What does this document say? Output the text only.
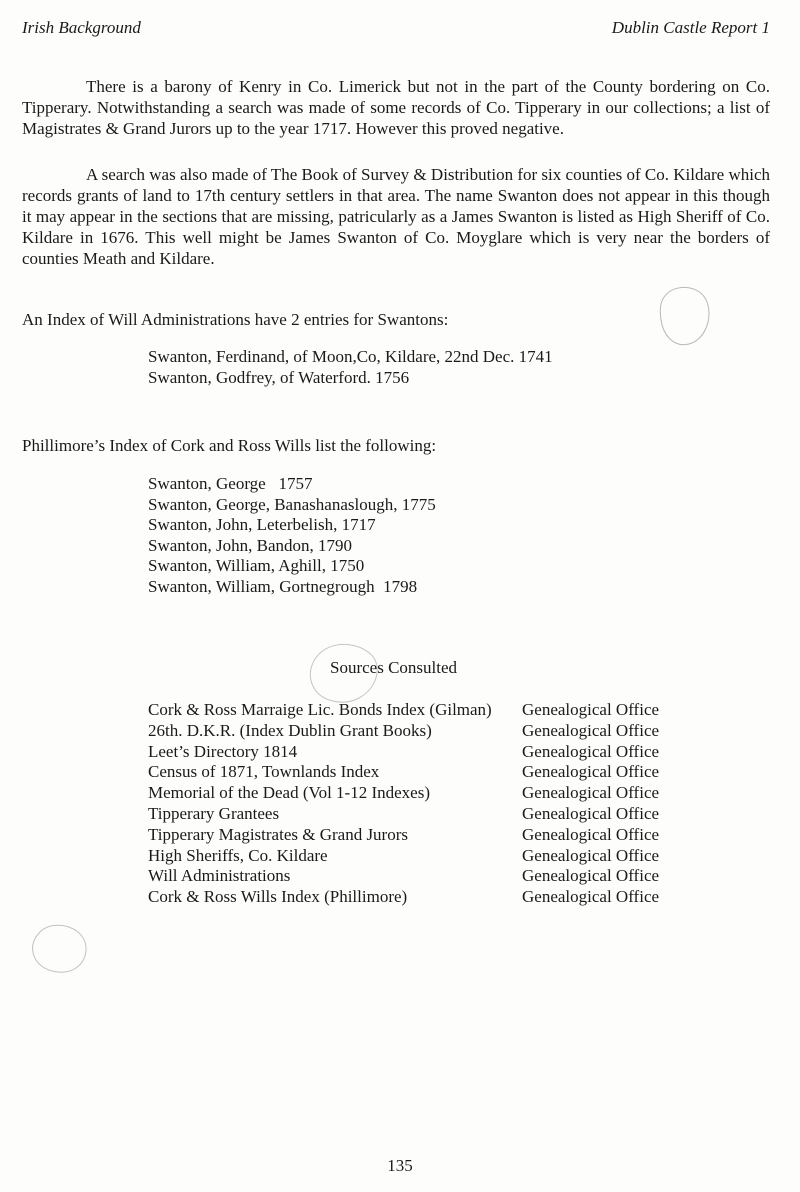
Irish Background	Dublin Castle Report 1

There is a barony of Kenry in Co. Limerick but not in the part of the County bordering on Co. Tipperary. Notwithstanding a search was made of some records of Co. Tipperary in our collections; a list of Magistrates & Grand Jurors up to the year 1717. However this proved negative.

A search was also made of The Book of Survey & Distribution for six counties of Co. Kildare which records grants of land to 17th century settlers in that area. The name Swanton does not appear in this though it may appear in the sections that are missing, patricularly as a James Swanton is listed as High Sheriff of Co. Kildare in 1676. This well might be James Swanton of Co. Moyglare which is very near the borders of counties Meath and Kildare.

An Index of Will Administrations have 2 entries for Swantons:

Swanton, Ferdinand, of Moon,Co, Kildare, 22nd Dec. 1741
Swanton, Godfrey, of Waterford. 1756

Phillimore’s Index of Cork and Ross Wills list the following:

Swanton, George   1757
Swanton, George, Banashanaslough, 1775
Swanton, John, Leterbelish, 1717
Swanton, John, Bandon, 1790
Swanton, William, Aghill, 1750
Swanton, William, Gortnegrough  1798
Sources Consulted
Cork & Ross Marraige Lic. Bonds Index (Gilman) Genealogical Office
26th. D.K.R. (Index Dublin Grant Books)	Genealogical Office
Leet’s Directory 1814	Genealogical Office
Census of 1871, Townlands Index	Genealogical Office
Memorial of the Dead (Vol 1-12 Indexes)	Genealogical Office
Tipperary Grantees	Genealogical Office
Tipperary Magistrates & Grand Jurors	Genealogical Office
High Sheriffs, Co. Kildare	Genealogical Office
Will Administrations	Genealogical Office
Cork & Ross Wills Index (Phillimore)	Genealogical Office
135
